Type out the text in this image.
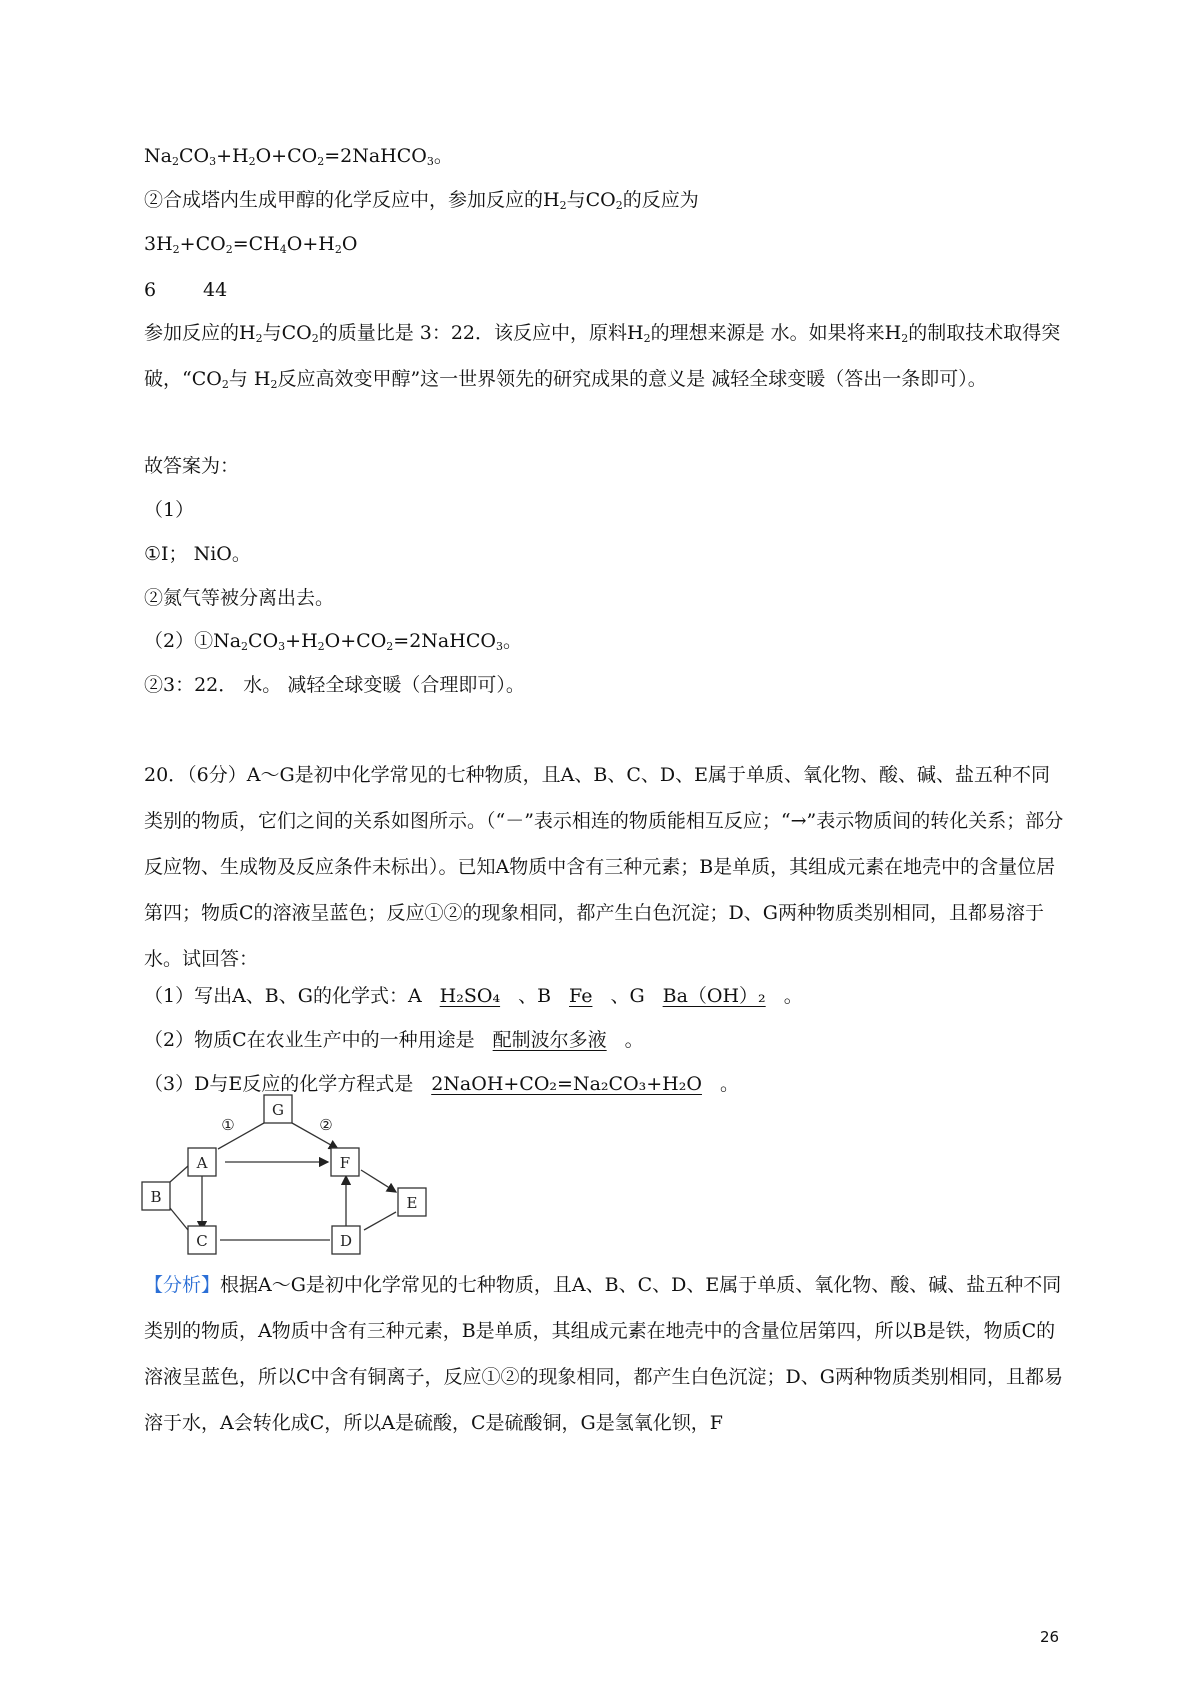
$Na_2CO_3+H_2O+CO_2=2NaHCO_3$。
②合成塔内生成甲醇的化学反应中，参加反应的$H_2$与$CO_2$的反应为
$3H_2+CO_2=CH_4O+H_2O$
6 44
参加反应的$H_2$与$CO_2$的质量比是 3：22．该反应中，原料$H_2$的理想来源是 水。如果将来$H_2$的制取技术取得突破，“$CO_2$与 $H_2$反应高效变甲醇”这一世界领先的研究成果的意义是 减轻全球变暖（答出一条即可）。
故答案为：
（1）
①I； NiO。
②氮气等被分离出去。
$(2)①Na_2CO_3+H_2O+CO_2=2NaHCO_3$。
②3：22． 水。 减轻全球变暖（合理即可）。
20．（6分）A～G是初中化学常见的七种物质，且A、B、C、D、E属于单质、氧化物、酸、碱、盐五种不同类别的物质，它们之间的关系如图所示。（“－”表示相连的物质能相互反应；“→”表示物质间的转化关系；部分反应物、生成物及反应条件未标出）。已知A物质中含有三种元素；B是单质，其组成元素在地壳中的含量位居第四；物质C的溶液呈蓝色；反应①②的现象相同，都产生白色沉淀；D、G两种物质类别相同，且都易溶于水。试回答：
（1）写出A、B、G的化学式：A H₂SO₄ 、B Fe 、G Ba（OH）₂ 。
（2）物质C在农业生产中的一种用途是 配制波尔多液 。
（3）D与E反应的化学方程式是 2NaOH+CO₂=Na₂CO₃+H₂O 。
G
A	F
B	E
C	D
①	②
【分析】根据A～G是初中化学常见的七种物质，且A、B、C、D、E属于单质、氧化物、酸、碱、盐五种不同类别的物质，A物质中含有三种元素，B是单质，其组成元素在地壳中的含量位居第四，所以B是铁，物质C的溶液呈蓝色，所以C中含有铜离子，反应①②的现象相同，都产生白色沉淀；D、G两种物质类别相同，且都易溶于水，A会转化成C，所以A是硫酸，C是硫酸铜，G是氢氧化钡，F
26
